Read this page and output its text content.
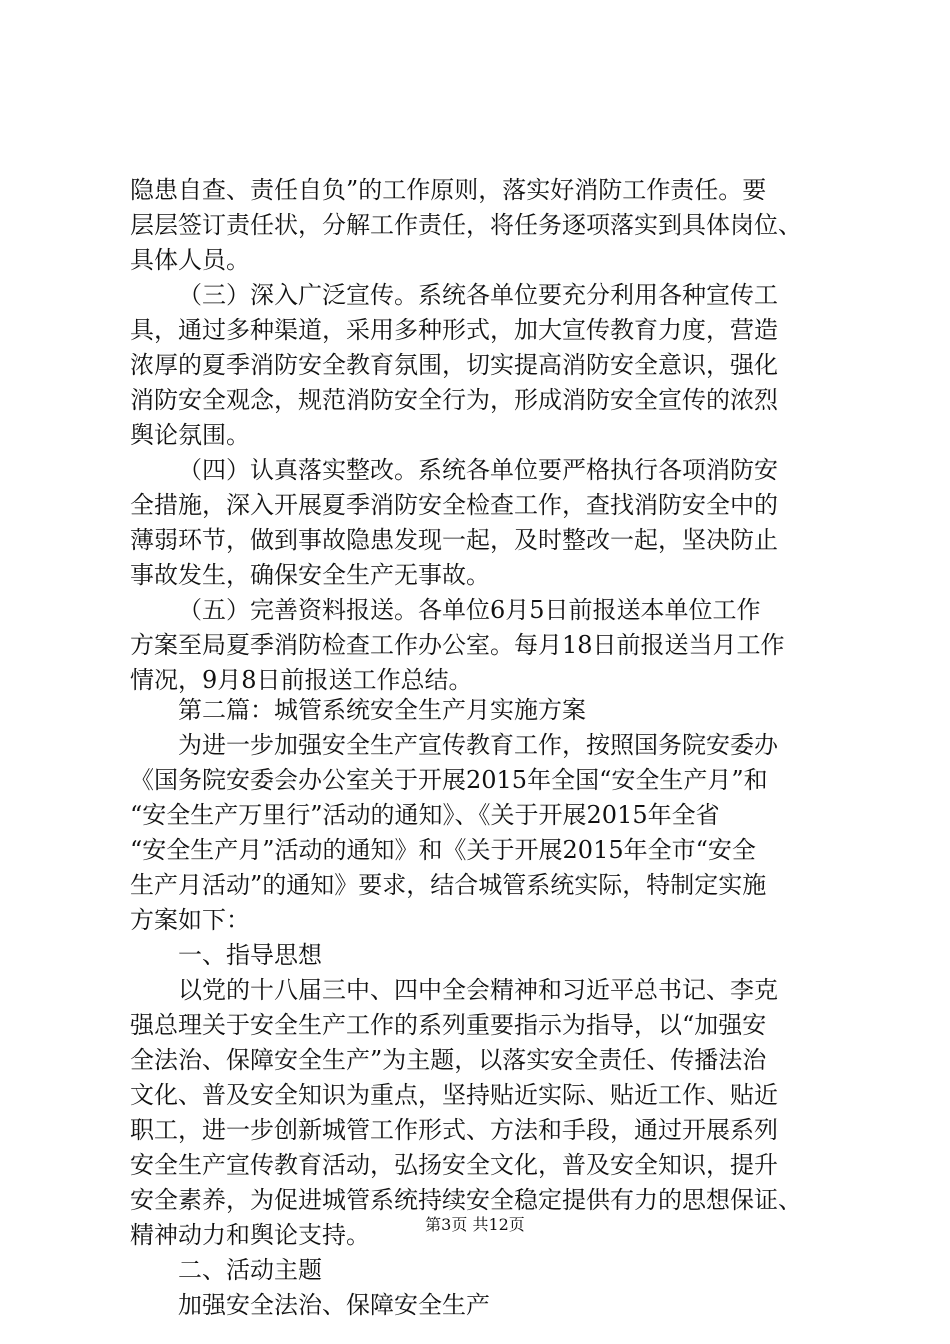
隐患自查、责任自负”的工作原则，落实好消防工作责任。要
层层签订责任状，分解工作责任，将任务逐项落实到具体岗位、
具体人员。
（三）深入广泛宣传。系统各单位要充分利用各种宣传工
具，通过多种渠道，采用多种形式，加大宣传教育力度，营造
浓厚的夏季消防安全教育氛围，切实提高消防安全意识，强化
消防安全观念，规范消防安全行为，形成消防安全宣传的浓烈
舆论氛围。
（四）认真落实整改。系统各单位要严格执行各项消防安
全措施，深入开展夏季消防安全检查工作，查找消防安全中的
薄弱环节，做到事故隐患发现一起，及时整改一起，坚决防止
事故发生，确保安全生产无事故。
（五）完善资料报送。各单位6月5日前报送本单位工作
方案至局夏季消防检查工作办公室。每月18日前报送当月工作
情况，9月8日前报送工作总结。
第二篇：城管系统安全生产月实施方案
为进一步加强安全生产宣传教育工作，按照国务院安委办
《国务院安委会办公室关于开展2015年全国“安全生产月”和
“安全生产万里行”活动的通知》、《关于开展2015年全省
“安全生产月”活动的通知》和《关于开展2015年全市“安全
生产月活动”的通知》要求，结合城管系统实际，特制定实施
方案如下：
一、指导思想
以党的十八届三中、四中全会精神和习近平总书记、李克
强总理关于安全生产工作的系列重要指示为指导，以“加强安
全法治、保障安全生产”为主题，以落实安全责任、传播法治
文化、普及安全知识为重点，坚持贴近实际、贴近工作、贴近
职工，进一步创新城管工作形式、方法和手段，通过开展系列
安全生产宣传教育活动，弘扬安全文化，普及安全知识，提升
安全素养，为促进城管系统持续安全稳定提供有力的思想保证、
精神动力和舆论支持。
二、活动主题
加强安全法治、保障安全生产
第3页 共12页
